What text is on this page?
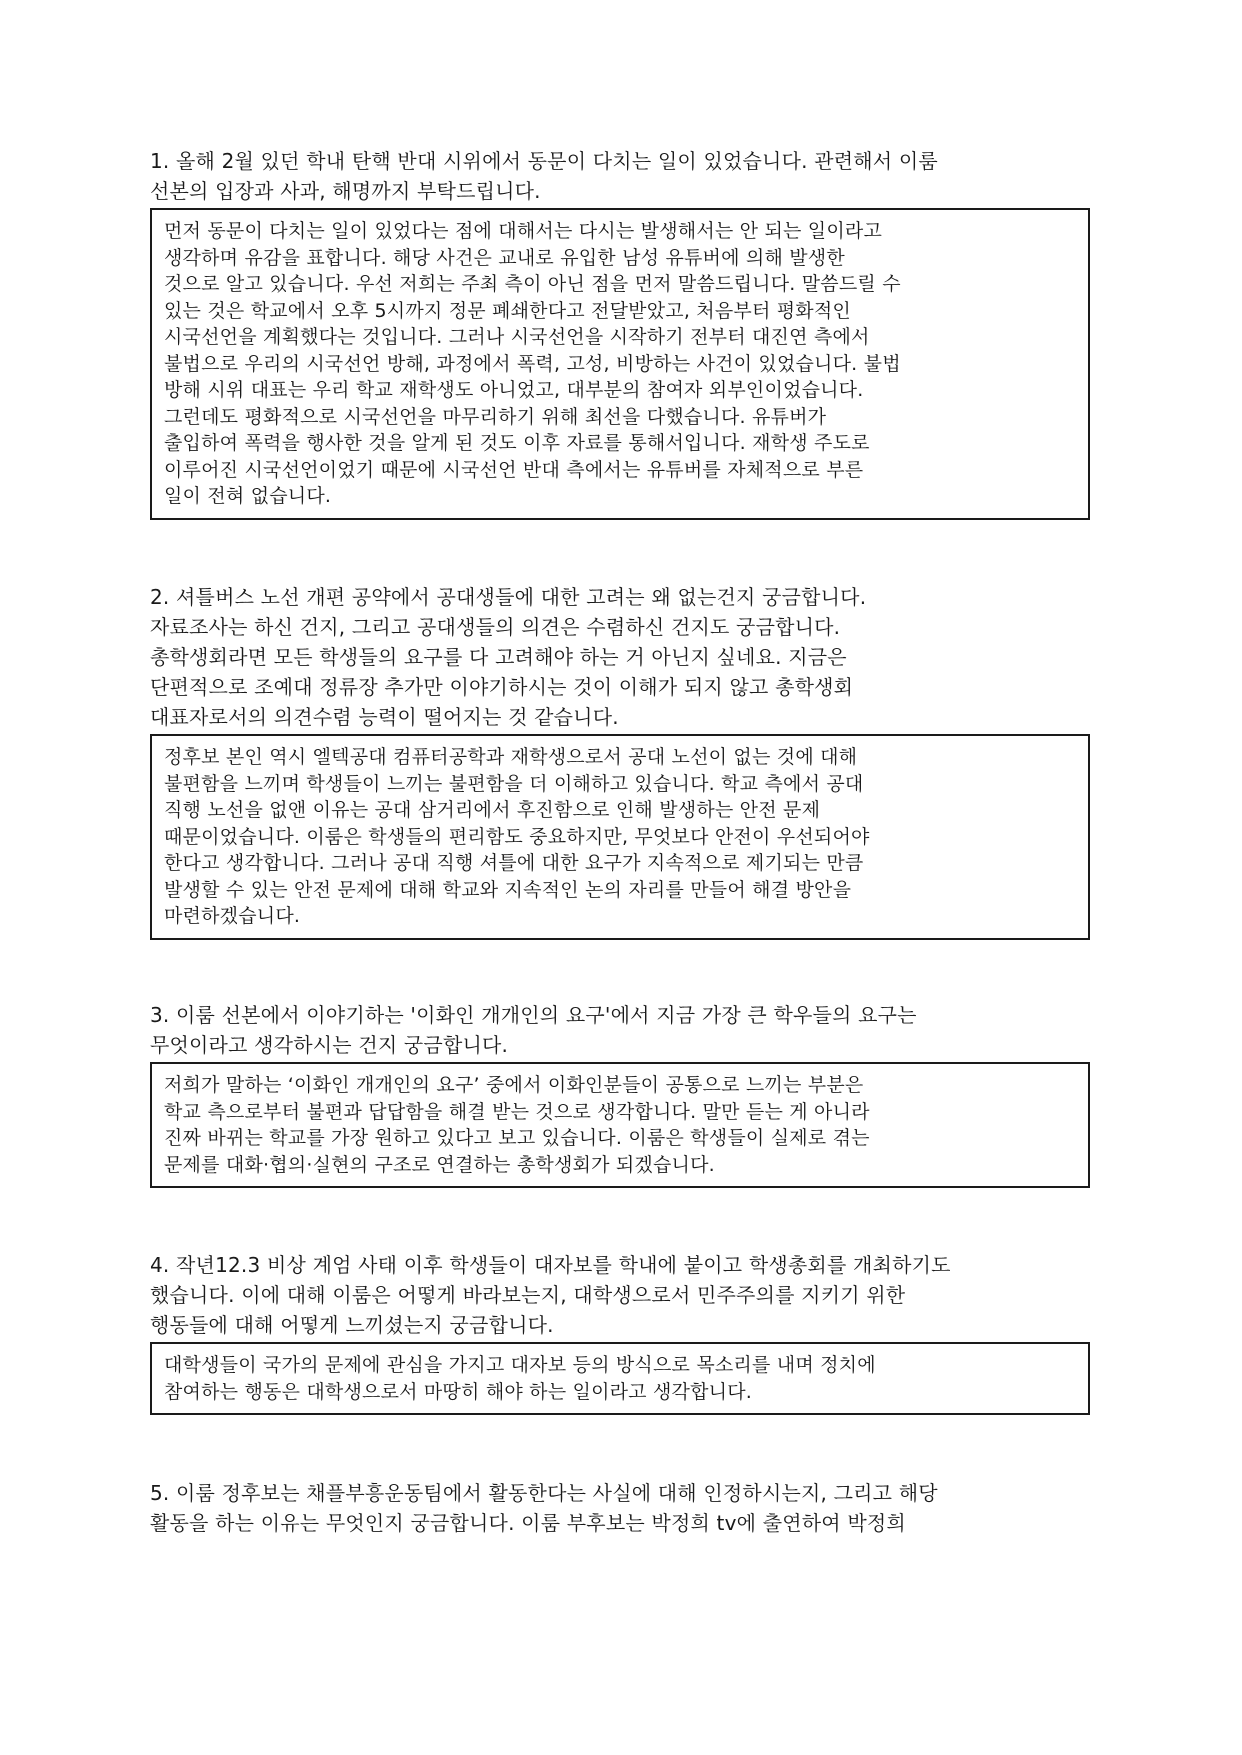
1. 올해 2월 있던 학내 탄핵 반대 시위에서 동문이 다치는 일이 있었습니다. 관련해서 이룸
선본의 입장과 사과, 해명까지 부탁드립니다.
먼저 동문이 다치는 일이 있었다는 점에 대해서는 다시는 발생해서는 안 되는 일이라고
생각하며 유감을 표합니다. 해당 사건은 교내로 유입한 남성 유튜버에 의해 발생한
것으로 알고 있습니다. 우선 저희는 주최 측이 아닌 점을 먼저 말씀드립니다. 말씀드릴 수
있는 것은 학교에서 오후 5시까지 정문 폐쇄한다고 전달받았고, 처음부터 평화적인
시국선언을 계획했다는 것입니다. 그러나 시국선언을 시작하기 전부터 대진연 측에서
불법으로 우리의 시국선언 방해, 과정에서 폭력, 고성, 비방하는 사건이 있었습니다. 불법
방해 시위 대표는 우리 학교 재학생도 아니었고, 대부분의 참여자 외부인이었습니다.
그런데도 평화적으로 시국선언을 마무리하기 위해 최선을 다했습니다. 유튜버가
출입하여 폭력을 행사한 것을 알게 된 것도 이후 자료를 통해서입니다. 재학생 주도로
이루어진 시국선언이었기 때문에 시국선언 반대 측에서는 유튜버를 자체적으로 부른
일이 전혀 없습니다.
2. 셔틀버스 노선 개편 공약에서 공대생들에 대한 고려는 왜 없는건지 궁금합니다.
자료조사는 하신 건지, 그리고 공대생들의 의견은 수렴하신 건지도 궁금합니다.
총학생회라면 모든 학생들의 요구를 다 고려해야 하는 거 아닌지 싶네요. 지금은
단편적으로 조예대 정류장 추가만 이야기하시는 것이 이해가 되지 않고 총학생회
대표자로서의 의견수렴 능력이 떨어지는 것 같습니다.
정후보 본인 역시 엘텍공대 컴퓨터공학과 재학생으로서 공대 노선이 없는 것에 대해
불편함을 느끼며 학생들이 느끼는 불편함을 더 이해하고 있습니다. 학교 측에서 공대
직행 노선을 없앤 이유는 공대 삼거리에서 후진함으로 인해 발생하는 안전 문제
때문이었습니다. 이룸은 학생들의 편리함도 중요하지만, 무엇보다 안전이 우선되어야
한다고 생각합니다. 그러나 공대 직행 셔틀에 대한 요구가 지속적으로 제기되는 만큼
발생할 수 있는 안전 문제에 대해 학교와 지속적인 논의 자리를 만들어 해결 방안을
마련하겠습니다.
3. 이룸 선본에서 이야기하는 '이화인 개개인의 요구'에서 지금 가장 큰 학우들의 요구는
무엇이라고 생각하시는 건지 궁금합니다.
저희가 말하는 ‘이화인 개개인의 요구’ 중에서 이화인분들이 공통으로 느끼는 부분은
학교 측으로부터 불편과 답답함을 해결 받는 것으로 생각합니다. 말만 듣는 게 아니라
진짜 바뀌는 학교를 가장 원하고 있다고 보고 있습니다. 이룸은 학생들이 실제로 겪는
문제를 대화·협의·실현의 구조로 연결하는 총학생회가 되겠습니다.
4. 작년12.3 비상 계엄 사태 이후 학생들이 대자보를 학내에 붙이고 학생총회를 개최하기도
했습니다. 이에 대해 이룸은 어떻게 바라보는지, 대학생으로서 민주주의를 지키기 위한
행동들에 대해 어떻게 느끼셨는지 궁금합니다.
대학생들이 국가의 문제에 관심을 가지고 대자보 등의 방식으로 목소리를 내며 정치에
참여하는 행동은 대학생으로서 마땅히 해야 하는 일이라고 생각합니다.
5. 이룸 정후보는 채플부흥운동팀에서 활동한다는 사실에 대해 인정하시는지, 그리고 해당
활동을 하는 이유는 무엇인지 궁금합니다. 이룸 부후보는 박정희 tv에 출연하여 박정희
